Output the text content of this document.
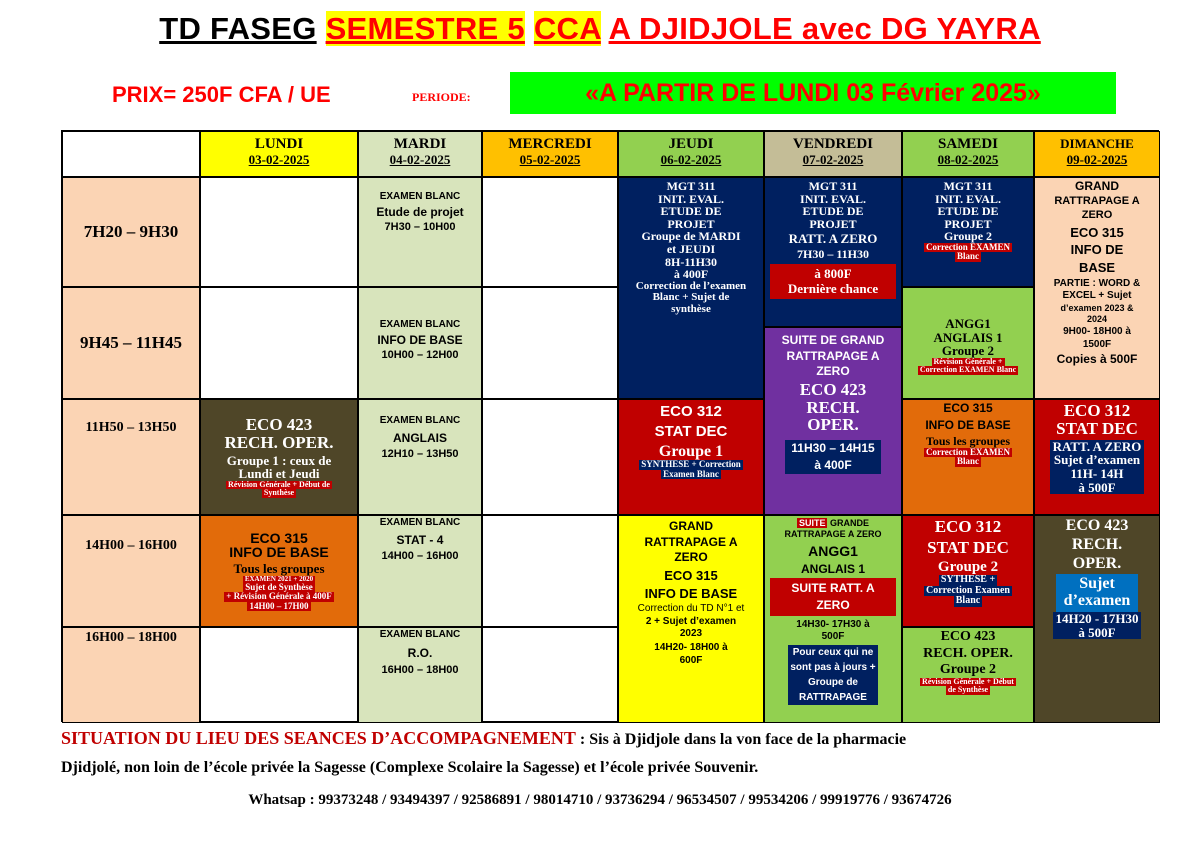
TD FASEG SEMESTRE 5 CCA A DJIDJOLE avec DG YAYRA
PRIX= 250F CFA / UE	PERIODE:	«A PARTIR DE LUNDI 03 Février 2025»
LUNDI
03-02-2025
MARDI
04-02-2025
MERCREDI
05-02-2025
JEUDI
06-02-2025
VENDREDI
07-02-2025
SAMEDI
08-02-2025
DIMANCHE
09-02-2025
7H20 – 9H30
9H45 – 11H45
11H50 – 13H50
14H00 – 16H00
16H00 – 18H00
ECO 423
RECH. OPER.
Groupe 1 : ceux de
Lundi et Jeudi
Révision Générale + Début de
Synthèse
ECO 315
INFO DE BASE
Tous les groupes
EXAMEN 2021 + 2020
Sujet de Synthèse
+ Révision Générale à 400F
14H00 – 17H00
EXAMEN BLANC
Etude de projet
7H30 – 10H00
EXAMEN BLANC
INFO DE BASE
10H00 – 12H00
EXAMEN BLANC
ANGLAIS
12H10 – 13H50
EXAMEN BLANC
STAT - 4
14H00 – 16H00
EXAMEN BLANC
R.O.
16H00 – 18H00
MGT 311
INIT. EVAL.
ETUDE DE
PROJET
Groupe de MARDI
et JEUDI
8H-11H30
à 400F
Correction de l’examen
Blanc + Sujet de
synthèse
ECO 312
STAT DEC
Groupe 1
SYNTHESE + Correction
Examen Blanc
GRAND
RATTRAPAGE A
ZERO
ECO 315
INFO DE BASE
Correction du TD N°1 et
2 + Sujet d’examen
2023
14H20- 18H00 à
600F
MGT 311
INIT. EVAL.
ETUDE DE
PROJET
RATT. A ZERO
7H30 – 11H30
à 800F
Dernière chance
SUITE DE GRAND
RATTRAPAGE A
ZERO
ECO 423
RECH.
OPER.
11H30 – 14H15
à 400F
SUITE GRANDE
RATTRAPAGE A ZERO
ANGG1
ANGLAIS 1
SUITE RATT. A
ZERO
14H30- 17H30 à
500F
Pour ceux qui ne
sont pas à jours +
Groupe de
RATTRAPAGE
MGT 311
INIT. EVAL.
ETUDE DE
PROJET
Groupe 2
Correction EXAMEN
Blanc
ANGG1
ANGLAIS 1
Groupe 2
Révision Générale +
Correction EXAMEN Blanc
ECO 315
INFO DE BASE
Tous les groupes
Correction EXAMEN
Blanc
ECO 312
STAT DEC
Groupe 2
SYTHESE +
Correction Examen
Blanc
ECO 423
RECH. OPER.
Groupe 2
Révision Générale + Début
de Synthèse
GRAND
RATTRAPAGE A
ZERO
ECO 315
INFO DE
BASE
PARTIE : WORD &
EXCEL + Sujet
d’examen 2023 &
2024
9H00- 18H00 à
1500F
Copies à 500F
ECO 312
STAT DEC
RATT. A ZERO
Sujet d’examen
11H- 14H
à 500F
ECO 423
RECH.
OPER.
Sujet
d’examen
14H20 - 17H30
à 500F
SITUATION DU LIEU DES SEANCES D’ACCOMPAGNEMENT : Sis à Djidjole dans la von face de la pharmacie
Djidjolé, non loin de l’école privée la Sagesse (Complexe Scolaire la Sagesse) et l’école privée Souvenir.
Whatsap : 99373248 / 93494397 / 92586891 / 98014710 / 93736294 / 96534507 / 99534206 / 99919776 / 93674726
